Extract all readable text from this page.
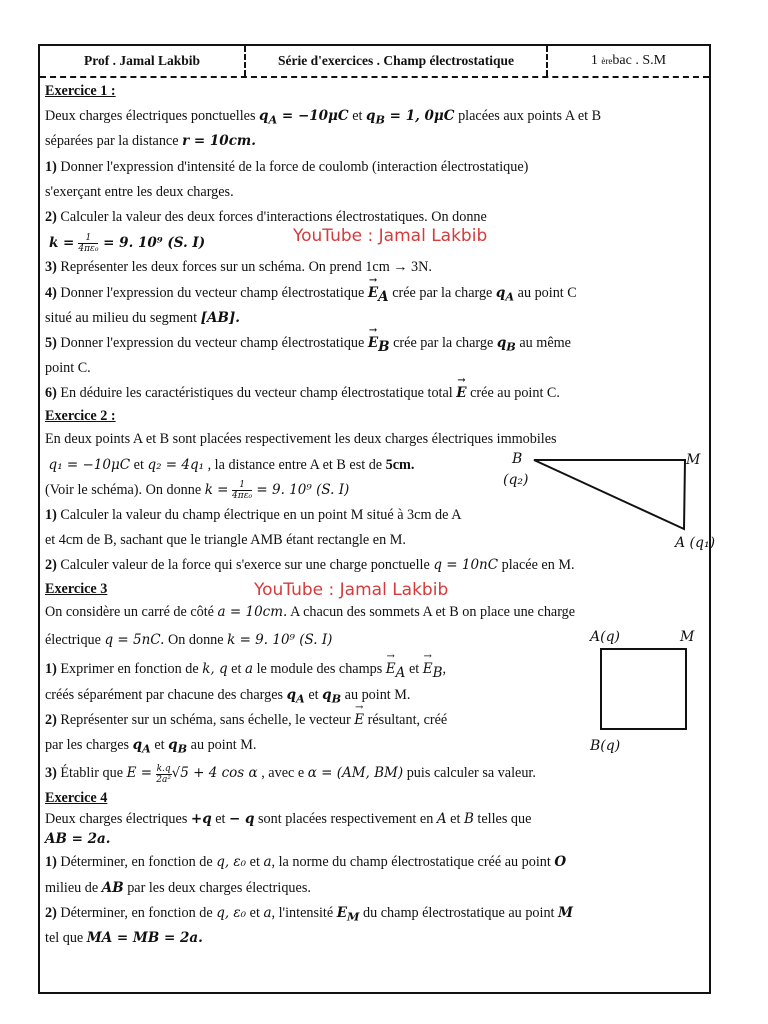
Prof . Jamal Lakbib	Série d'exercices . Champ électrostatique	1
ère bac . S.M
Exercice 1 :
Deux charges électriques ponctuelles $q_A = -10\mu C$ et $q_B = 1$, 0μC placées aux points A et B
séparées par la distance r = 10cm.
1) Donner l'expression d'intensité de la force de coulomb (interaction électrostatique)
s'exerçant entre les deux charges.
2) Calculer la valeur des deux forces d'interactions électrostatiques. On donne
$k = \frac{1}{\text{4πε₀}} = 9$. 10⁹ (S. I)
3) Représenter les deux forces sur un schéma. On prend 1cm → 3N.
4) Donner l'expression du vecteur champ électrostatique → $E_A$ crée par la charge $q_A$ au point C
situé au milieu du segment [AB].
5) Donner l'expression du vecteur champ électrostatique → $E_B$ crée par la charge $q_B$ au même
point C.
6) En déduire les caractéristiques du vecteur champ électrostatique total → E crée au point C.
Exercice 2 :
En deux points A et B sont placées respectivement les deux charges électriques immobiles
q₁ = −10μC et q₂ = 4q₁ , la distance entre A et B est de 5cm.
(Voir le schéma). On donne $k = \frac{1}{\text{4πε₀}} = 9$. 10⁹ (S. I)
1) Calculer la valeur du champ électrique en un point M situé à 3cm de A
et 4cm de B, sachant que le triangle AMB étant rectangle en M.
2) Calculer valeur de la force qui s'exerce sur une charge ponctuelle q = 10nC placée en M.
Exercice 3
On considère un carré de côté a = 10cm. A chacun des sommets A et B on place une charge
électrique q = 5nC. On donne k = 9. 10⁹ (S. I)
1) Exprimer en fonction de k, q et a le module des champs → $E_A$ et → $E_B$,
créés séparément par chacune des charges $q_A$ et $q_B$ au point M.
2) Représenter sur un schéma, sans échelle, le vecteur → E résultant, créé
par les charges $q_A$ et $q_B$ au point M.
3) Établir que $E = \frac{k.q}{\text{2a²}} √5 + 4$ cos α , avec e α = (AM, BM) puis calculer sa valeur.
Exercice 4
Deux charges électriques +q et − q sont placées respectivement en A et B telles que
AB = 2a.
1) Déterminer, en fonction de q, ε₀ et a, la norme du champ électrostatique créé au point O
milieu de AB par les deux charges électriques.
2) Déterminer, en fonction de q, ε₀ et a, l'intensité $E_M$ du champ électrostatique au point M
tel que MA = MB = 2a.
YouTube : Jamal Lakbib
YouTube : Jamal Lakbib
B
(q₂)
M
A (q₁)
A(q)	M
B(q)
